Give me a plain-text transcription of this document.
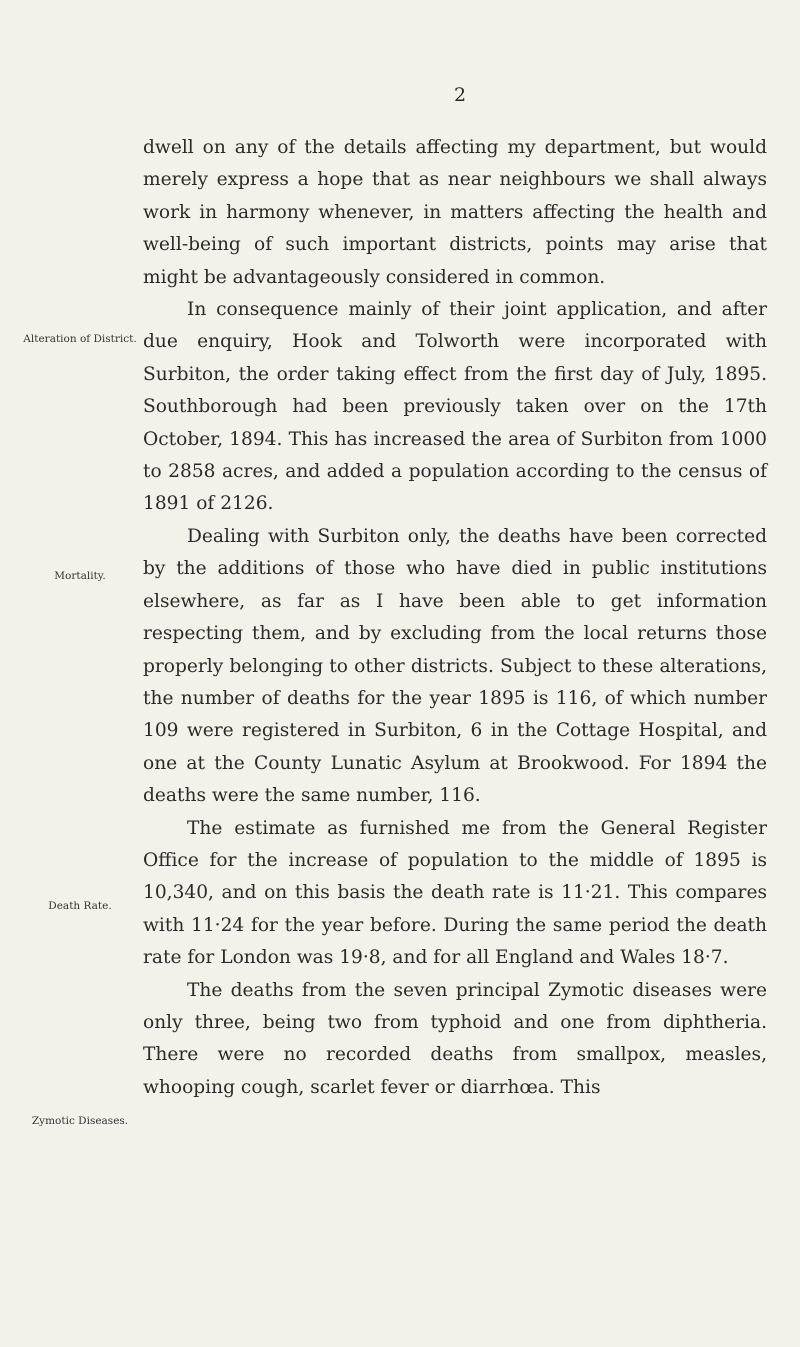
2
Alteration of District.
Mortality.
Death Rate.
Zymotic Diseases.

dwell on any of the details affecting my department, but would merely express a hope that as near neighbours we shall always work in harmony whenever, in matters affecting the health and well-being of such important districts, points may arise that might be advantageously considered in common.

In consequence mainly of their joint application, and after due enquiry, Hook and Tolworth were incorporated with Surbiton, the order taking effect from the first day of July, 1895. Southborough had been previously taken over on the 17th October, 1894. This has increased the area of Surbiton from 1000 to 2858 acres, and added a population according to the census of 1891 of 2126.

Dealing with Surbiton only, the deaths have been corrected by the additions of those who have died in public institutions elsewhere, as far as I have been able to get information respecting them, and by excluding from the local returns those properly belonging to other districts. Subject to these alterations, the number of deaths for the year 1895 is 116, of which number 109 were registered in Surbiton, 6 in the Cottage Hospital, and one at the County Lunatic Asylum at Brookwood. For 1894 the deaths were the same number, 116.

The estimate as furnished me from the General Register Office for the increase of population to the middle of 1895 is 10,340, and on this basis the death rate is 11·21. This compares with 11·24 for the year before. During the same period the death rate for London was 19·8, and for all England and Wales 18·7.

The deaths from the seven principal Zymotic diseases were only three, being two from typhoid and one from diphtheria. There were no recorded deaths from smallpox, measles, whooping cough, scarlet fever or diarrhœa. This
